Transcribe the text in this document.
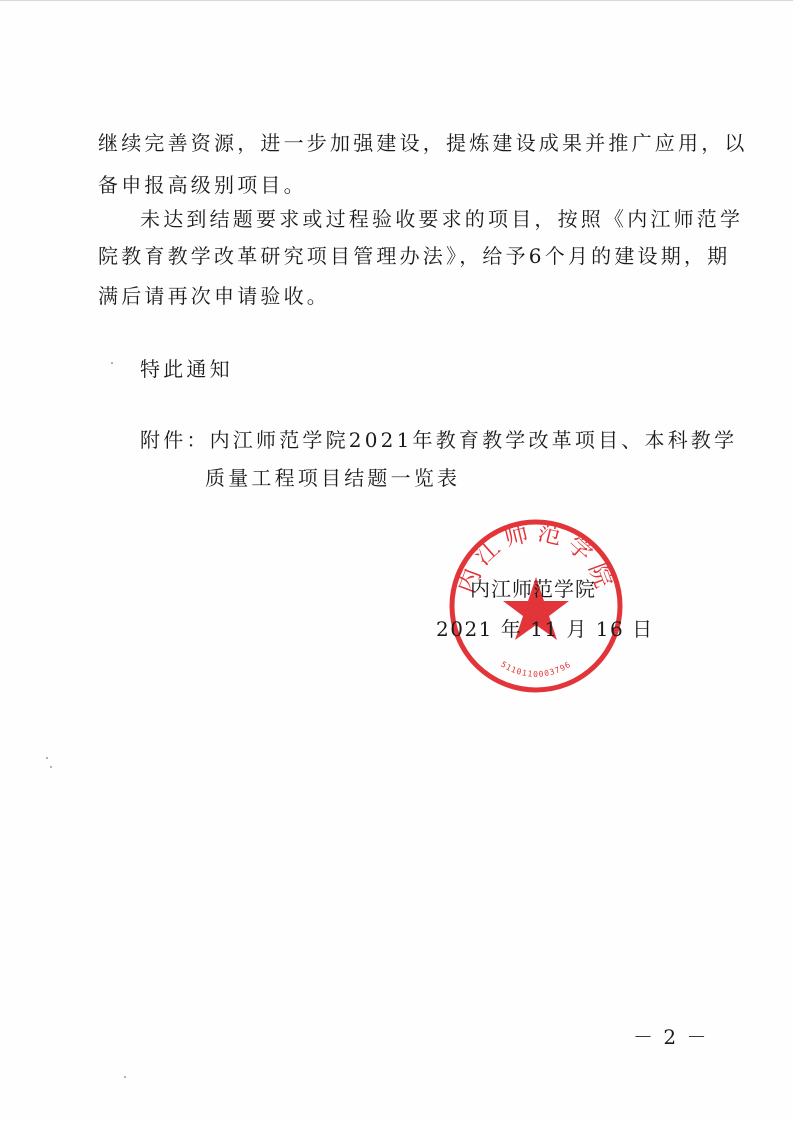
继续完善资源，进一步加强建设，提炼建设成果并推广应用，以
备申报高级别项目。
未达到结题要求或过程验收要求的项目，按照《内江师范学
院教育教学改革研究项目管理办法》，给予6个月的建设期，期
满后请再次申请验收。
特此通知
附件：内江师范学院2021年教育教学改革项目、本科教学
质量工程项目结题一览表
内江师范学院
5110110003796
内江师范学院
2021 年 11 月 16 日
－ 2 －
